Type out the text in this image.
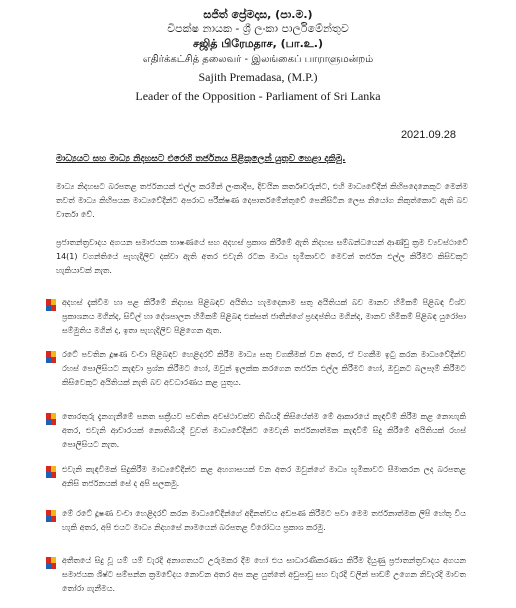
සජිත් ප්‍රේමදාස, (පා.ම.)
විපක්ෂ නායක - ශ්‍රී ලංකා පාර්ලිමේන්තුව
சஜித் பிரேமதாச, (பா.உ.)
எதிர்க்கட்சித் தலைவர் - இலங்கைப் பாராளுமன்றம்
Sajith Premadasa, (M.P.)
Leader of the Opposition - Parliament of Sri Lanka
2021.09.28
මාධ්‍යයට සහ මාධ්‍ය නිදහසට එරෙහි තර්ජනය පිළිකුලෙන් යුතුව හෙළා දකිමු.
මාධ්‍ය නිදහසට බරපතළ තර්ජනයක් එල්ල කරමින් ලංකාදීප, දිවයින කර්තෘවරුන්ට, එහි මාධ්‍යවේදීන් කිහිපදෙනෙකුට මෙන්ම තවත් මාධ්‍ය කිහිපයක මාධ්‍යවේදීන්ට අපරාධ පරීක්ෂණ දෙපාර්තමේන්තුවේ පෙනීසිටින ලෙස නියෝග නිකුත්කොට ඇති බව වාර්තා වේ.
ප්‍රජාතන්ත්‍රවාදය අගයන සමාජයක භාෂණයේ සහ අදහස් ප්‍රකාශ කිරීමේ ඇති නිදහස සම්බන්ධයෙන් ආණ්ඩු ක්‍රම ව්‍යවස්ථාවේ 14(1) වගන්තියේ පැහැදිලිව දක්වා ඇති අතර එවැනි රටක මාධ්‍ය භූමිකාවට මෙවන් තර්ජන එල්ල කිරීමට කිසිවකුට හැකියාවක් නැත.
අදහස් දැක්වීම හා පළ කිරීමේ නිදහස පිළිබඳව අයිතිය හැමදෙනාම සතු අයිතියක් බව මානව හිමිකම් පිළිබඳ විශ්ව ප්‍රකාශනය මගින්ද, සිවිල් හා දේශපාලන හිමිකම් පිළිබඳ එක්සත් ජාතීන්ගේ ප්‍රඥප්තිය මගින්ද, මානව හිමිකම් පිළිබඳ යුරෝපා සම්මුතිය මගින් ද, ඉතා පැහැදිලිව පිළිගෙන ඇත.
රටේ පවතින දූෂණ වංචා පිළිබඳව හෙළිදරව් කිරීම මාධ්‍ය සතු වගකීමක් වන අතර, ඒ වගකීම ඉටු කරන මාධ්‍යවේදීන්ව රහස් පොලිසියට කැඳවා ප්‍රශ්න කිරීමට හෝ, ඔවුන් ඉලක්ක කරගෙන තර්ජන එල්ල කිරීමට හෝ, ඔවුනට බලපෑම් කිරීමට කිසිවෙකුට අයිතියක් නැති බව අවධාරණය කළ යුතුය.
තොරතුරු දැනගැනීමේ පනත සක්‍රීයව පවතින අවස්ථාවක්ව තිබියදී කිසියේත්ම මේ ආකාරයේ කැඳවීම් කිරීම කළ නොහැකි අතර, එවැනි ආචාරයක් නොතිබියදී වුවත් මාධ්‍යවේදීන්ට මෙවැනි තර්ජනාත්මක කැඳවීම් සිදු කිරීමේ අයිතියක් රහස් පොලිසියට නැත.
එවැනි කැඳවීමක් සිදුකිරීම මාධ්‍යවේදීන්ට කළ අහගාසයක් වන අතර ඔවුන්ගේ මාධ්‍ය භූමිකාවට සීමාකරන ලද බරපතළ අනිසි තර්ජනයක් සේ ද අපි සලකමු.
මේ රටේ දූෂණ වංචා හෙළිදරව් කරන මාධ්‍යවේදීන්ගේ අදීනත්වය අඩපණ කිරීමට පවා මෙම තර්ජනාත්මක ලිපි හේතු විය හැකි අතර, අපි එයට මාධ්‍ය නිදහසේ නාමයෙන් බරපතළ විරෝධය ප්‍රකාශ කරමු.
අතීතයේ සිදු වූ යම් යම් වැරදි අනාගතයට උරුමකර දීම හෝ එය සාධාරණීකරණය කිරීම දියුණු ප්‍රජාතන්ත්‍රවාදය අගයන සමාජයක ශිෂ්ට සම්පන්න ක්‍රමවේදය නොවන අතර අප කළ යුත්තේ අඩුපාඩු සහ වැරදි වලින් පාඩම් උගෙන නිවැරදි මාවත තෝරා ගැනීමය.
